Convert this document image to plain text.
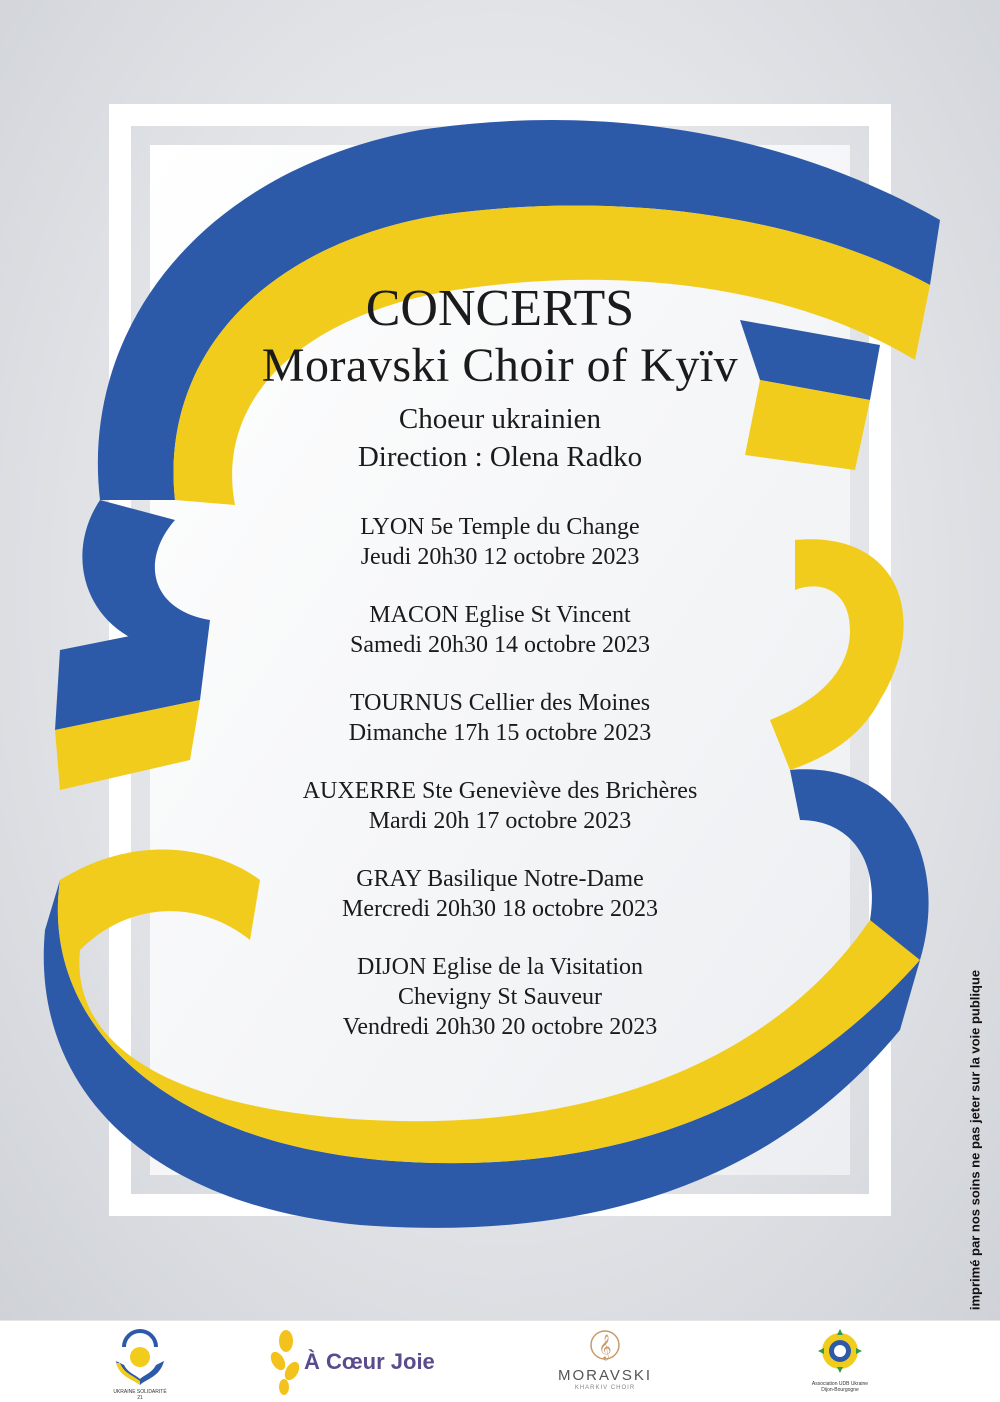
CONCERTS
Moravski Choir of Kyïv

Choeur ukrainien

Direction : Olena Radko

LYON 5e Temple du Change
Jeudi 20h30 12 octobre 2023
MACON Eglise St Vincent
Samedi 20h30 14 octobre 2023
TOURNUS Cellier des Moines
Dimanche 17h 15 octobre 2023
AUXERRE Ste Geneviève des Brichères
Mardi 20h 17 octobre 2023
GRAY Basilique Notre-Dame
Mercredi 20h30 18 octobre 2023
DIJON Eglise de la Visitation
Chevigny St Sauveur
Vendredi 20h30 20 octobre 2023	imprimé par nos soins ne pas jeter sur la voie publique
UKRAINE SOLIDARITÉ 21
À Cœur Joie
𝄞
MORAVSKI
KHARKIV CHOIR
Association UDB Ukraine Dijon-Bourgogne
